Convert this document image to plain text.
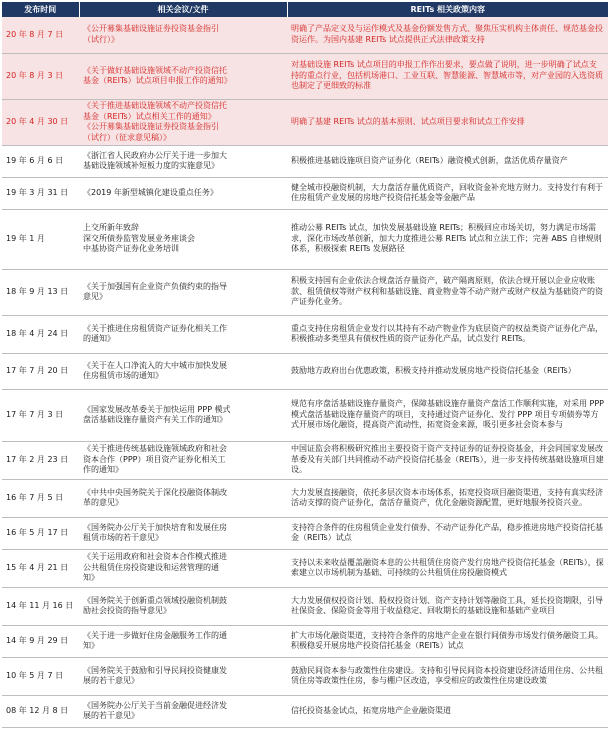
发布时间	相关会议/文件	REITs 相关政策内容
20 年 8 月 7 日	《公开募集基础设施证券投资基金指引
（试行）》	明确了产品定义及与运作模式及基金份额发售方式、聚焦压实机构主体责任、规范基金投资运作。为国内基建 REITs 试点提供正式法律政策支持
20 年 8 月 3 日	《关于做好基础设施领域不动产投资信托
基金（REITs）试点项目申报工作的通知》	对基础设施 REITs 试点项目的申报工作作出要求，要点做了说明，进一步明确了试点支持的重点行业，包括机场港口、工业互联、智慧能源、智慧城市等，对产业园的入选资质也制定了更细致的标准
20 年 4 月 30 日	《关于推进基础设施领域不动产投资信托
基金（REITs）试点相关工作的通知》
《公开募集基础设施证券投资基金指引
（试行）（征求意见稿）》	明确了基建 REITs 试点的基本原则、试点项目要求和试点工作安排
19 年 6 月 6 日	《浙江省人民政府办公厅关于进一步加大
基础设施领域补短板力度的实施意见》	积极推进基础设施项目资产证券化（REITs）融资模式创新，盘活优质存量资产
19 年 3 月 31 日	《2019 年新型城镇化建设重点任务》	健全城市投融资机制，大力盘活存量优质资产，回收资金补充地方财力。支持发行有利于住房租赁产业发展的房地产投资信托基金等金融产品
19 年 1 月	上交所新年致辞
深交所债券监管发展业务座谈会
中基协资产证券化业务培训	推动公募 REITs 试点，加快发展基础设施 REITs；积极回应市场关切，努力满足市场需求，深化市场改革创新，加大力度推进公募 REITs 试点和立法工作；完善 ABS 自律规则体系，积极探索 REITs 发展路径
18 年 9 月 13 日	《关于加强国有企业资产负债约束的指导
意见》	积极支持国有企业依法合规盘活存量资产，破产隔离原则，依法合规开展以企业应收账款、租赁债权等财产权利和基础设施、商业物业等不动产财产或财产权益为基础资产的资产证券化业务。
18 年 4 月 24 日	《关于推进住房租赁资产证券化相关工作
的通知》	重点支持住房租赁企业发行以其持有不动产物业作为底层资产的权益类资产证券化产品，积极推动多类型具有债权性质的资产证券化产品，试点发行 REITs。
17 年 7 月 20 日	《关于在人口净流入的大中城市加快发展
住房租赁市场的通知》	鼓励地方政府出台优惠政策，积极支持并推动发展房地产投资信托基金（REITs）
17 年 7 月 3 日	《国家发展改革委关于加快运用 PPP 模式
盘活基础设施存量资产有关工作的通知》	规范有序盘活基础设施存量资产，保障基础设施存量资产盘活工作顺利实施，对采用 PPP 模式盘活基础设施存量资产的项目，支持通过资产证券化、发行 PPP 项目专项债券等方式开展市场化融资，提高资产流动性，拓宽资金来源，吸引更多社会资本参与
17 年 2 月 23 日	《关于推进传统基础设施领域政府和社会
资本合作（PPP）项目资产证券化相关工
作的通知》	中国证监会将积极研究推出主要投资于资产支持证券的证券投资基金，并会同国家发展改革委及有关部门共同推动不动产投资信托基金（REITs），进一步支持传统基础设施项目建设。
16 年 7 月 5 日	《中共中央国务院关于深化投融资体制改
革的意见》	大力发展直接融资，依托多层次资本市场体系，拓宽投资项目融资渠道，支持有真实经济活动支撑的资产证券化，盘活存量资产，优化金融资源配置，更好地服务投资兴业。
16 年 5 月 17 日	《国务院办公厅关于加快培育和发展住房
租赁市场的若干意见》	支持符合条件的住房租赁企业发行债券、不动产证券化产品，稳步推进房地产投资信托基金（REITs）试点
15 年 4 月 21 日	《关于运用政府和社会资本合作模式推进
公共租赁住房投资建设和运营管理的通
知》	支持以未来收益覆盖融资本息的公共租赁住房资产发行房地产投资信托基金（REITs），探索建立以市场机制为基础、可持续的公共租赁住房投融资模式
14 年 11 月 16 日	《国务院关于创新重点领域投融资机制鼓
励社会投资的指导意见》	大力发展债权投资计划、股权投资计划、资产支持计划等融资工具，延长投资期限，引导社保资金、保险资金等用于收益稳定、回收期长的基础设施和基础产业项目
14 年 9 月 29 日	《关于进一步做好住房金融服务工作的通
知》	扩大市场化融资渠道，支持符合条件的房地产企业在银行间债券市场发行债务融资工具。积极稳妥开展房地产投资信托基金（REITs）试点
10 年 5 月 7 日	《国务院关于鼓励和引导民间投资健康发
展的若干意见》	鼓励民间资本参与政策性住房建设。支持和引导民间资本投资建设经济适用住房、公共租赁住房等政策性住房，参与棚户区改造，享受相应的政策性住房建设政策
08 年 12 月 8 日	《国务院办公厅关于当前金融促进经济发
展的若干意见》	信托投资基金试点，拓宽房地产企业融资渠道
